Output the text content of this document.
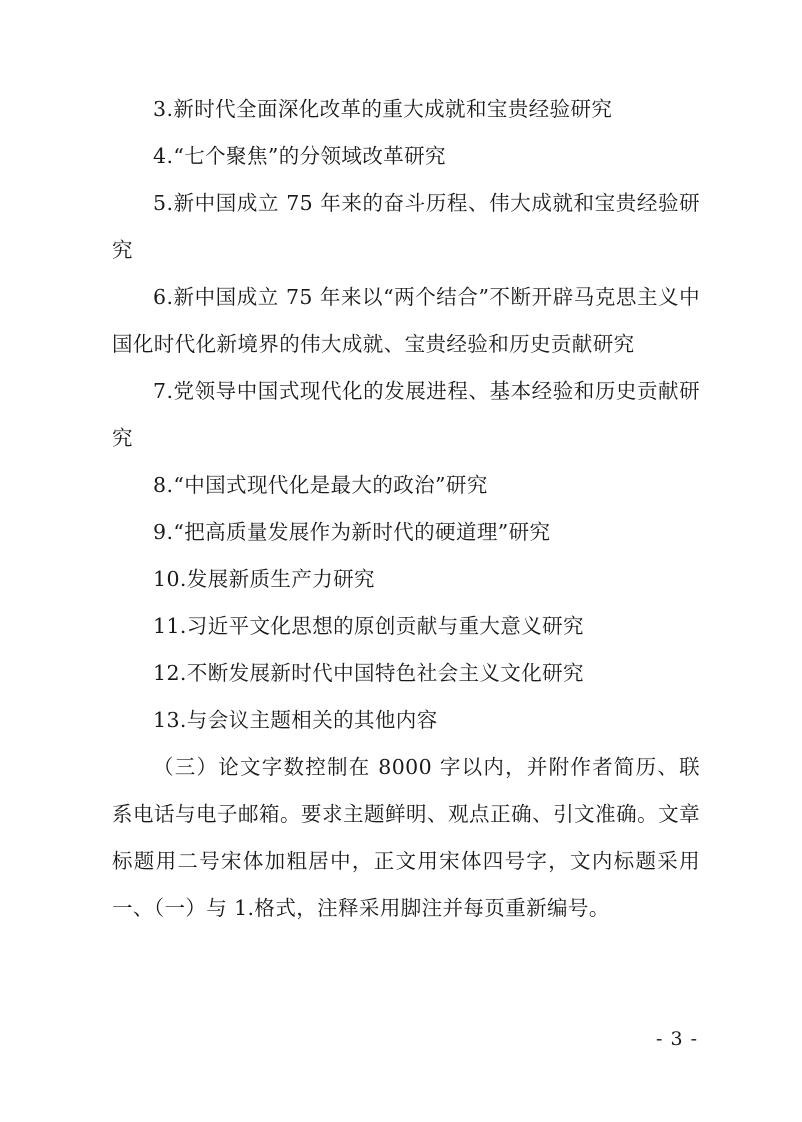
3.新时代全面深化改革的重大成就和宝贵经验研究

4.“七个聚焦”的分领域改革研究

5.新中国成立 75 年来的奋斗历程、伟大成就和宝贵经验研究

6.新中国成立 75 年来以“两个结合”不断开辟马克思主义中国化时代化新境界的伟大成就、宝贵经验和历史贡献研究

7.党领导中国式现代化的发展进程、基本经验和历史贡献研究

8.“中国式现代化是最大的政治”研究

9.“把高质量发展作为新时代的硬道理”研究

10.发展新质生产力研究

11.习近平文化思想的原创贡献与重大意义研究

12.不断发展新时代中国特色社会主义文化研究

13.与会议主题相关的其他内容

（三）论文字数控制在 8000 字以内，并附作者简历、联系电话与电子邮箱。要求主题鲜明、观点正确、引文准确。文章标题用二号宋体加粗居中，正文用宋体四号字，文内标题采用一、（一）与 1.格式，注释采用脚注并每页重新编号。

- 3 -
